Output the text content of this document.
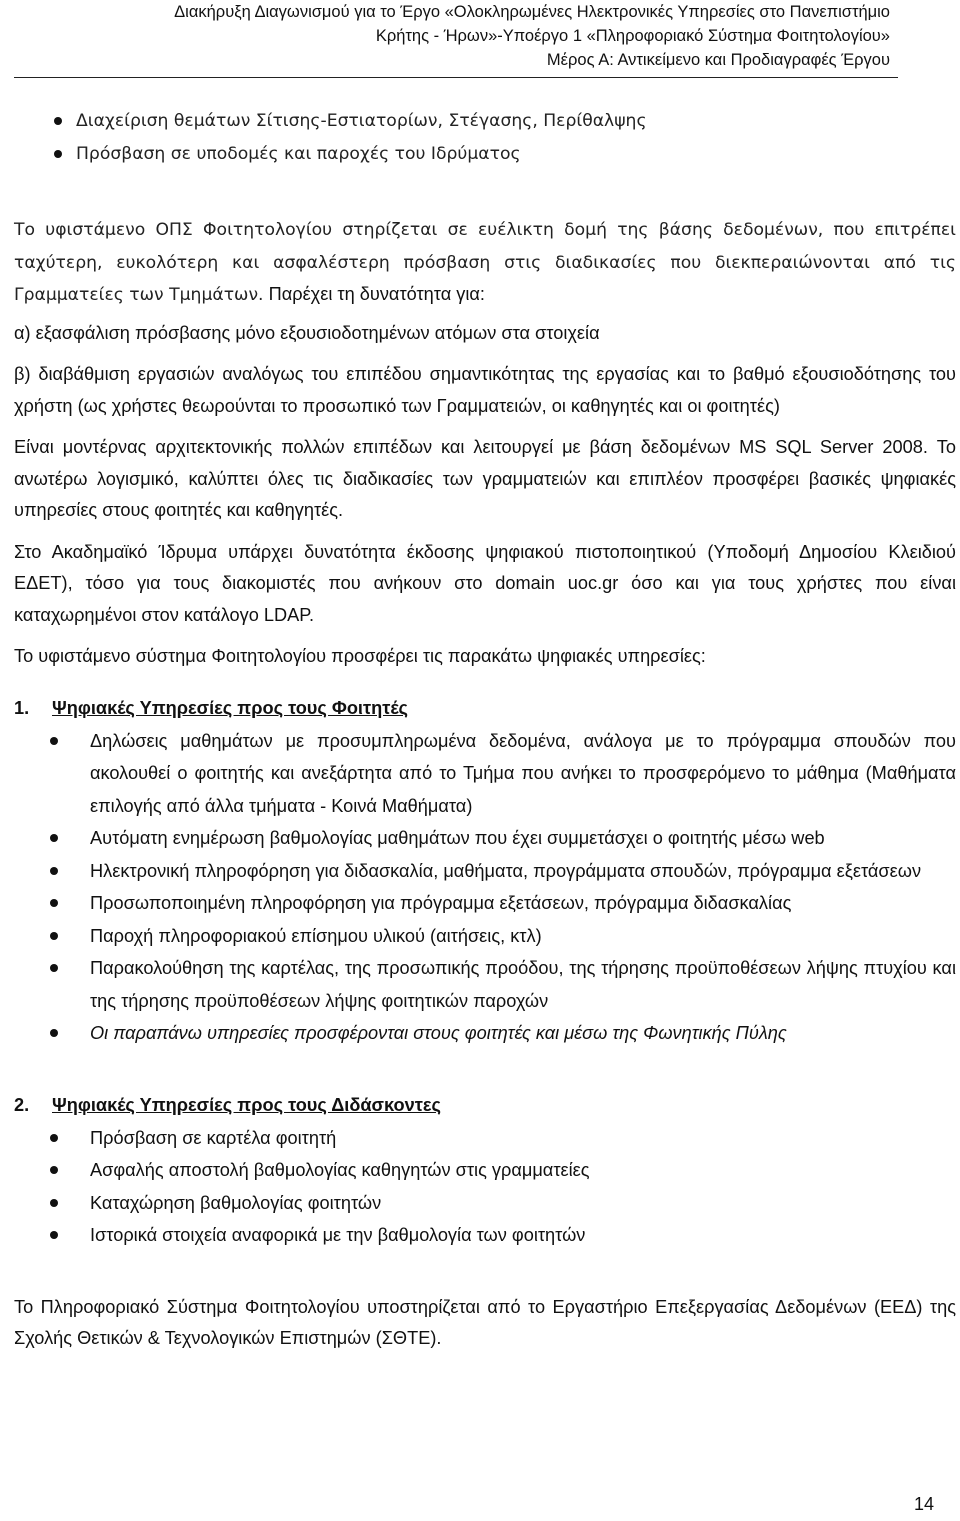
Διακήρυξη Διαγωνισμού για το Έργο «Ολοκληρωμένες Ηλεκτρονικές Υπηρεσίες στο Πανεπιστήμιο
Κρήτης - Ήρων»-Υποέργο 1 «Πληροφοριακό Σύστημα Φοιτητολογίου»
Μέρος Α: Αντικείμενο και Προδιαγραφές Έργου
Διαχείριση θεμάτων Σίτισης-Εστιατορίων, Στέγασης, Περίθαλψης
Πρόσβαση σε υποδομές και παροχές του Ιδρύματος

Το υφιστάμενο ΟΠΣ Φοιτητολογίου στηρίζεται σε ευέλικτη δομή της βάσης δεδομένων, που επιτρέπει ταχύτερη, ευκολότερη και ασφαλέστερη πρόσβαση στις διαδικασίες που διεκπεραιώνονται από τις Γραμματείες των Τμημάτων. Παρέχει τη δυνατότητα για:

α) εξασφάλιση πρόσβασης μόνο εξουσιοδοτημένων ατόμων στα στοιχεία

β) διαβάθμιση εργασιών αναλόγως του επιπέδου σημαντικότητας της εργασίας και το βαθμό εξουσιοδότησης του χρήστη (ως χρήστες θεωρούνται το προσωπικό των Γραμματειών, οι καθηγητές και οι φοιτητές)

Είναι μοντέρνας αρχιτεκτονικής πολλών επιπέδων και λειτουργεί με βάση δεδομένων MS SQL Server 2008. Το ανωτέρω λογισμικό, καλύπτει όλες τις διαδικασίες των γραμματειών και επιπλέον προσφέρει βασικές ψηφιακές υπηρεσίες στους φοιτητές και καθηγητές.

Στο Ακαδημαϊκό Ίδρυμα υπάρχει δυνατότητα έκδοσης ψηφιακού πιστοποιητικού (Υποδομή Δημοσίου Κλειδιού ΕΔΕΤ), τόσο για τους διακομιστές που ανήκουν στο domain uoc.gr όσο και για τους χρήστες που είναι καταχωρημένοι στον κατάλογο LDAP.

Το υφιστάμενο σύστημα Φοιτητολογίου προσφέρει τις παρακάτω ψηφιακές υπηρεσίες:

1.	Ψηφιακές Υπηρεσίες προς τους Φοιτητές
Δηλώσεις μαθημάτων με προσυμπληρωμένα δεδομένα, ανάλογα με το πρόγραμμα σπουδών που ακολουθεί ο φοιτητής και ανεξάρτητα από το Τμήμα που ανήκει το προσφερόμενο το μάθημα (Μαθήματα επιλογής από άλλα τμήματα - Κοινά Μαθήματα)
Αυτόματη ενημέρωση βαθμολογίας μαθημάτων που έχει συμμετάσχει ο φοιτητής μέσω web
Ηλεκτρονική πληροφόρηση για διδασκαλία, μαθήματα, προγράμματα σπουδών, πρόγραμμα εξετάσεων
Προσωποποιημένη πληροφόρηση για πρόγραμμα εξετάσεων, πρόγραμμα διδασκαλίας
Παροχή πληροφοριακού επίσημου υλικού (αιτήσεις, κτλ)
Παρακολούθηση της καρτέλας, της προσωπικής προόδου, της τήρησης προϋποθέσεων λήψης πτυχίου και της τήρησης προϋποθέσεων λήψης φοιτητικών παροχών
Οι παραπάνω υπηρεσίες προσφέρονται στους φοιτητές και μέσω της Φωνητικής Πύλης
2.	Ψηφιακές Υπηρεσίες προς τους Διδάσκοντες
Πρόσβαση σε καρτέλα φοιτητή
Ασφαλής αποστολή βαθμολογίας καθηγητών στις γραμματείες
Καταχώρηση βαθμολογίας φοιτητών
Ιστορικά στοιχεία αναφορικά με την βαθμολογία των φοιτητών

Το Πληροφοριακό Σύστημα Φοιτητολογίου υποστηρίζεται από το Εργαστήριο Επεξεργασίας Δεδομένων (ΕΕΔ) της Σχολής Θετικών & Τεχνολογικών Επιστημών (ΣΘΤΕ).

14
